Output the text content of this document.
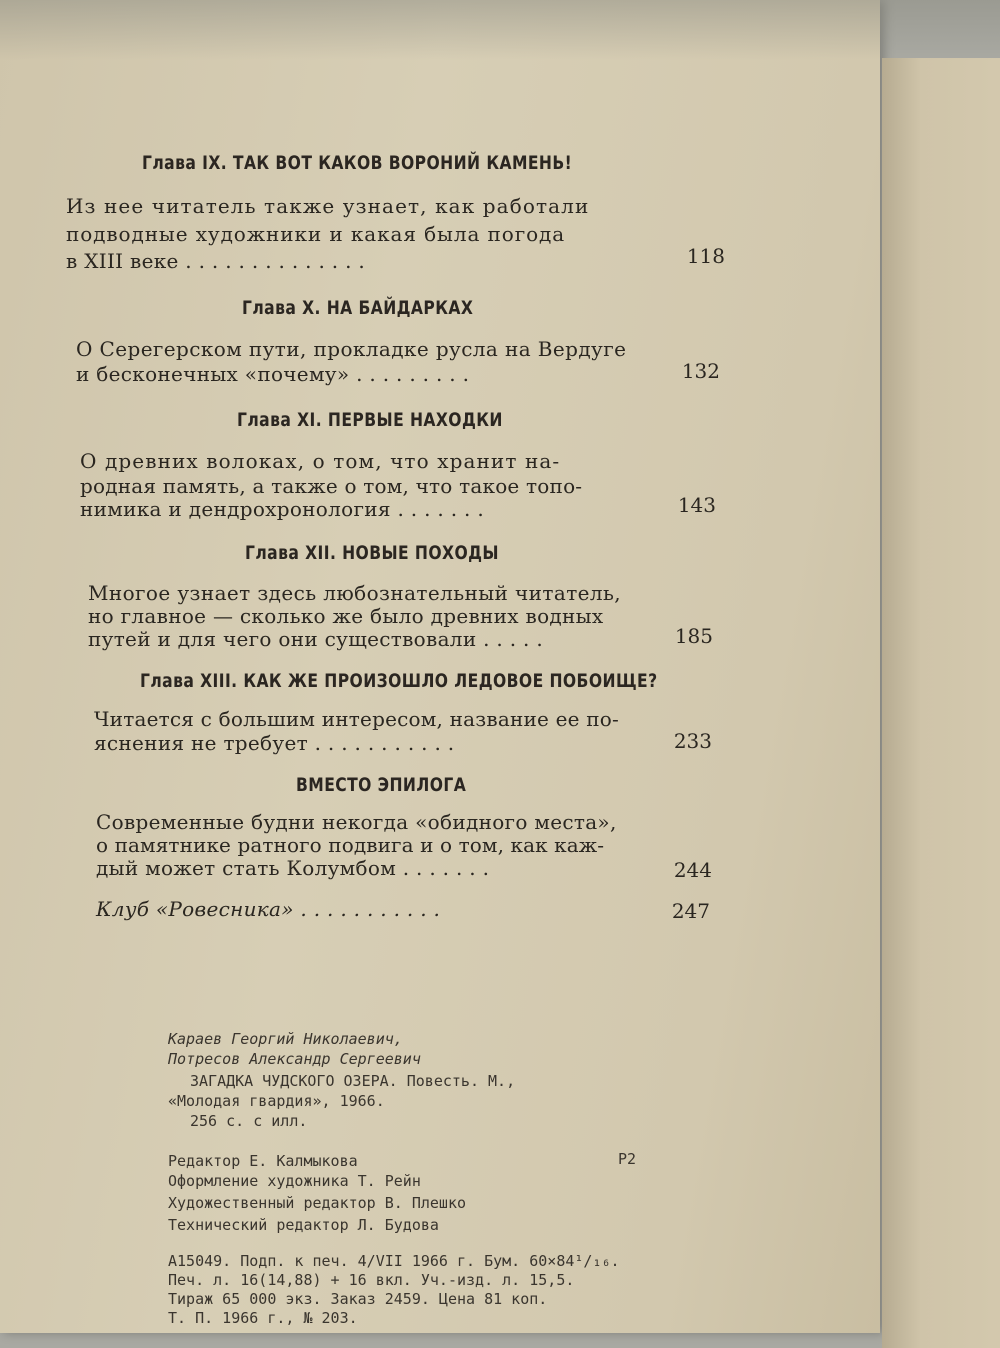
Глава IX. ТАК ВОТ КАКОВ ВОРОНИЙ КАМЕНЬ!
Из нее читатель также узнает, как работали
подводные художники и какая была погода
в XIII веке . . . . . . . . . . . . . .	118
Глава Х. НА БАЙДАРКАХ
О Серегерском пути, прокладке русла на Вердуге
и бесконечных «почему» . . . . . . . . .	132
Глава XI. ПЕРВЫЕ НАХОДКИ
О древних волоках, о том, что хранит на-
родная память, а также о том, что такое топо-
нимика и дендрохронология . . . . . . .	143
Глава XII. НОВЫЕ ПОХОДЫ
Многое узнает здесь любознательный читатель,
но главное — сколько же было древних водных
путей и для чего они существовали . . . . .	185
Глава XIII. КАК ЖЕ ПРОИЗОШЛО ЛЕДОВОЕ ПОБОИЩЕ?
Читается с большим интересом, название ее по-
яснения не требует . . . . . . . . . . .	233
ВМЕСТО ЭПИЛОГА
Современные будни некогда «обидного места»,
о памятнике ратного подвига и о том, как каж-
дый может стать Колумбом . . . . . . .	244
Клуб «Ровесника» . . . . . . . . . . .	247
Караев Георгий Николаевич,
Потресов Александр Сергеевич
ЗАГАДКА ЧУДСКОГО ОЗЕРА. Повесть. М.,
«Молодая гвардия», 1966.
256 с. с илл.
Редактор Е. Калмыкова	Р2
Оформление художника Т. Рейн
Художественный редактор В. Плешко
Технический редактор Л. Будова
А15049. Подп. к печ. 4/VII 1966 г. Бум. 60×84¹/₁₆.
Печ. л. 16(14,88) + 16 вкл. Уч.-изд. л. 15,5.
Тираж 65 000 экз. Заказ 2459. Цена 81 коп.
Т. П. 1966 г., № 203.
